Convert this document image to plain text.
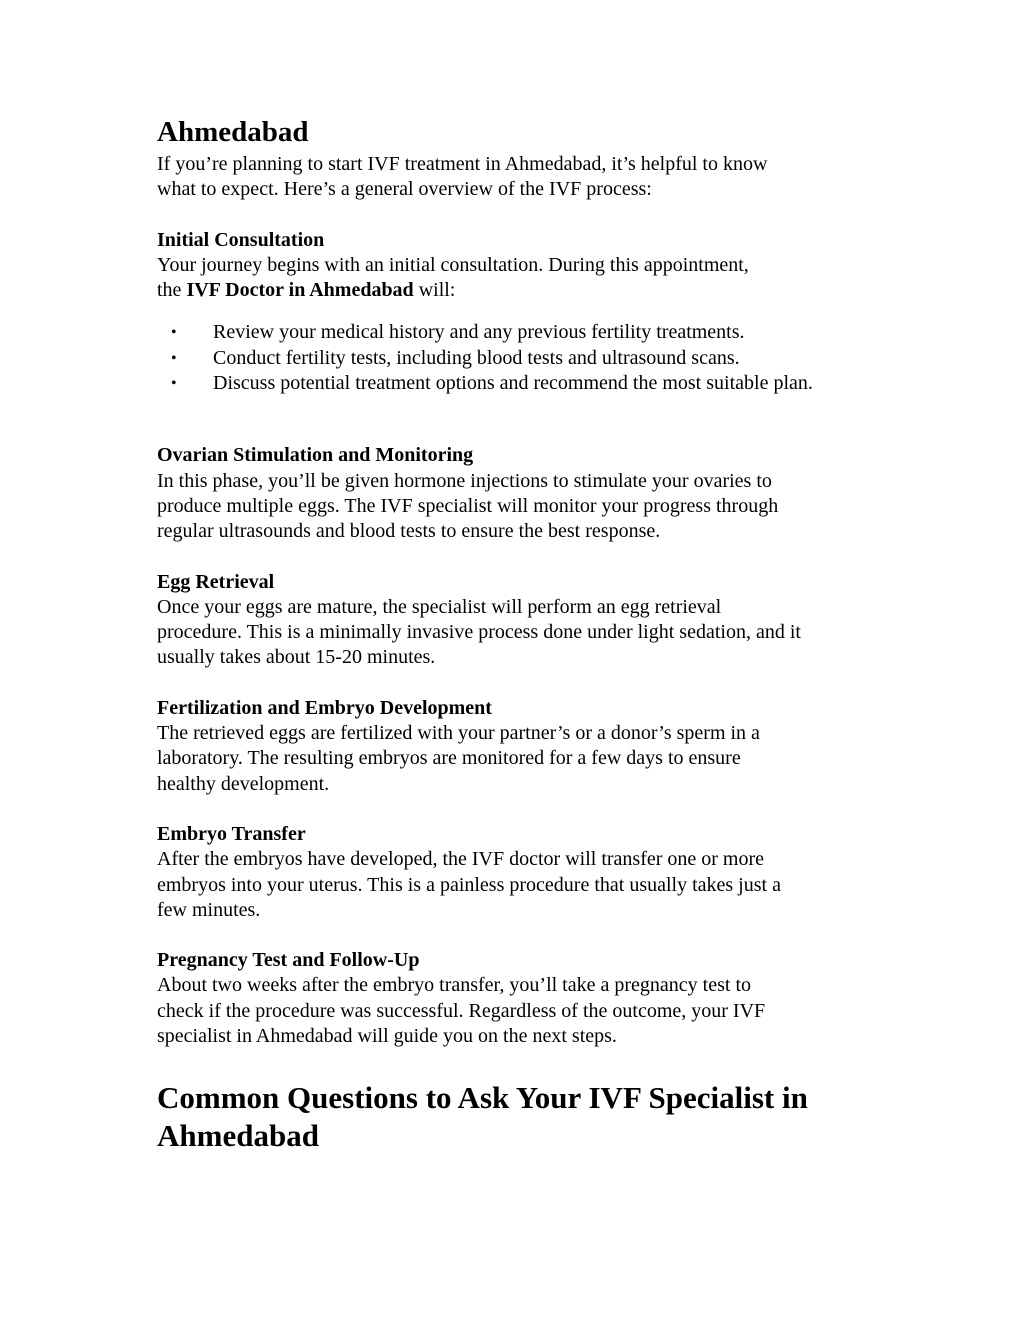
Ahmedabad

If you’re planning to start IVF treatment in Ahmedabad, it’s helpful to know
what to expect. Here’s a general overview of the IVF process:

Initial Consultation

Your journey begins with an initial consultation. During this appointment,
the IVF Doctor in Ahmedabad will:

• Review your medical history and any previous fertility treatments.
• Conduct fertility tests, including blood tests and ultrasound scans.
• Discuss potential treatment options and recommend the most suitable plan.
Ovarian Stimulation and Monitoring

In this phase, you’ll be given hormone injections to stimulate your ovaries to
produce multiple eggs. The IVF specialist will monitor your progress through
regular ultrasounds and blood tests to ensure the best response.

Egg Retrieval

Once your eggs are mature, the specialist will perform an egg retrieval
procedure. This is a minimally invasive process done under light sedation, and it
usually takes about 15-20 minutes.

Fertilization and Embryo Development

The retrieved eggs are fertilized with your partner’s or a donor’s sperm in a
laboratory. The resulting embryos are monitored for a few days to ensure
healthy development.

Embryo Transfer

After the embryos have developed, the IVF doctor will transfer one or more
embryos into your uterus. This is a painless procedure that usually takes just a
few minutes.

Pregnancy Test and Follow-Up

About two weeks after the embryo transfer, you’ll take a pregnancy test to
check if the procedure was successful. Regardless of the outcome, your IVF
specialist in Ahmedabad will guide you on the next steps.

Common Questions to Ask Your IVF Specialist in
Ahmedabad
